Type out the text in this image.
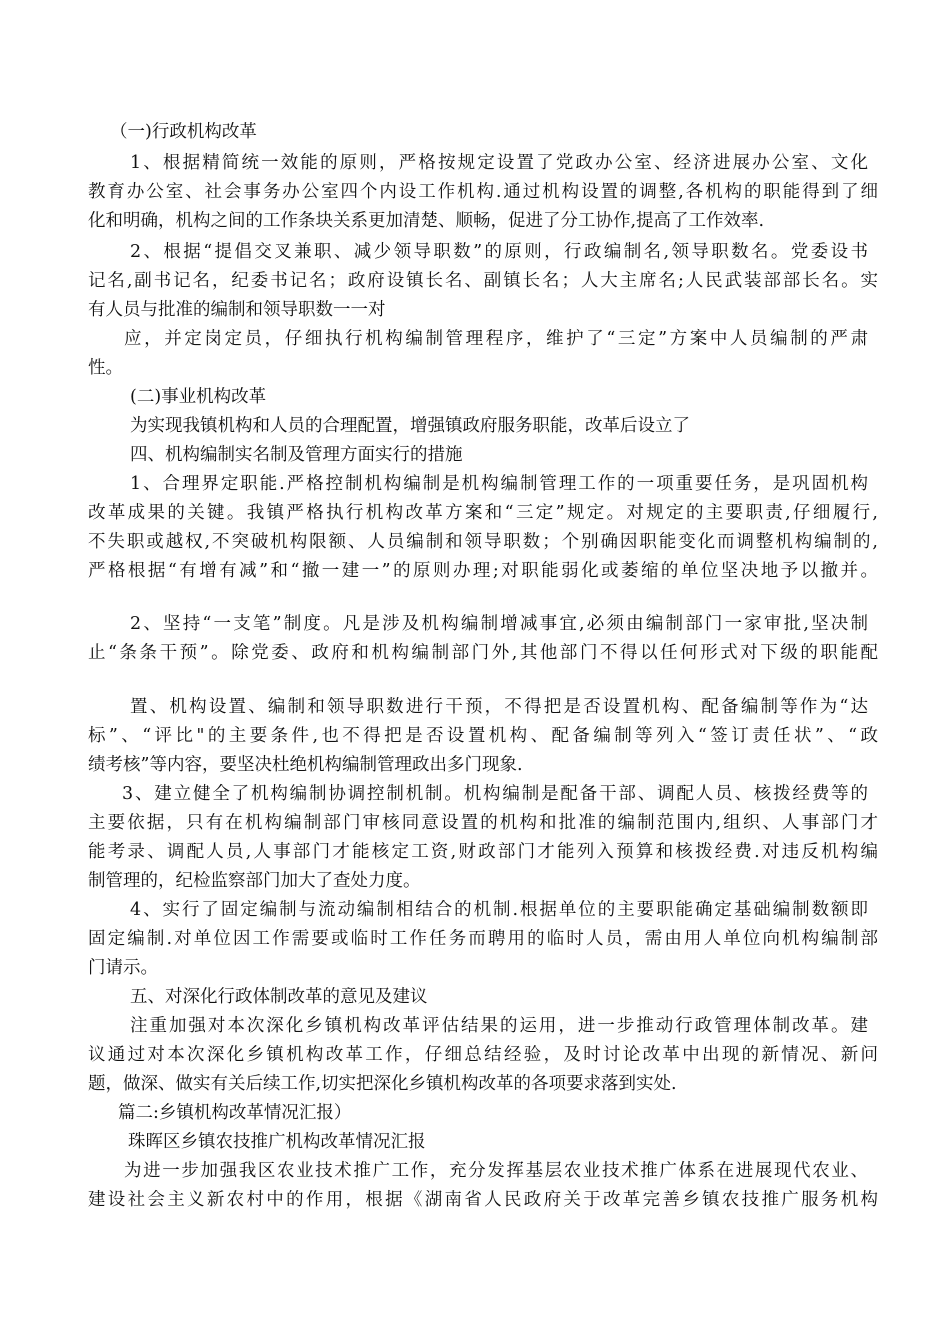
（一)行政机构改革
1、根据精简统一效能的原则，严格按规定设置了党政办公室、经济进展办公室、文化
教育办公室、社会事务办公室四个内设工作机构.通过机构设置的调整,各机构的职能得到了细
化和明确，机构之间的工作条块关系更加清楚、顺畅，促进了分工协作,提高了工作效率.
2、根据“提倡交叉兼职、减少领导职数”的原则，行政编制名,领导职数名。党委设书
记名,副书记名，纪委书记名；政府设镇长名、副镇长名；人大主席名;人民武装部部长名。实
有人员与批准的编制和领导职数一一对
应，并定岗定员，仔细执行机构编制管理程序，维护了“三定”方案中人员编制的严肃
性。
(二)事业机构改革
为实现我镇机构和人员的合理配置，增强镇政府服务职能，改革后设立了
四、机构编制实名制及管理方面实行的措施
1、合理界定职能.严格控制机构编制是机构编制管理工作的一项重要任务，是巩固机构
改革成果的关键。我镇严格执行机构改革方案和“三定”规定。对规定的主要职责,仔细履行,
不失职或越权,不突破机构限额、人员编制和领导职数；个别确因职能变化而调整机构编制的,
严格根据“有增有减”和“撤一建一”的原则办理;对职能弱化或萎缩的单位坚决地予以撤并。
2、坚持“一支笔”制度。凡是涉及机构编制增减事宜,必须由编制部门一家审批,坚决制
止“条条干预”。除党委、政府和机构编制部门外,其他部门不得以任何形式对下级的职能配
置、机构设置、编制和领导职数进行干预，不得把是否设置机构、配备编制等作为“达
标”、“评比"的主要条件,也不得把是否设置机构、配备编制等列入“签订责任状”、“政
绩考核”等内容，要坚决杜绝机构编制管理政出多门现象.
3、建立健全了机构编制协调控制机制。机构编制是配备干部、调配人员、核拨经费等的
主要依据，只有在机构编制部门审核同意设置的机构和批准的编制范围内,组织、人事部门才
能考录、调配人员,人事部门才能核定工资,财政部门才能列入预算和核拨经费.对违反机构编
制管理的，纪检监察部门加大了查处力度。
4、实行了固定编制与流动编制相结合的机制.根据单位的主要职能确定基础编制数额即
固定编制.对单位因工作需要或临时工作任务而聘用的临时人员，需由用人单位向机构编制部
门请示。
五、对深化行政体制改革的意见及建议
注重加强对本次深化乡镇机构改革评估结果的运用，进一步推动行政管理体制改革。建
议通过对本次深化乡镇机构改革工作，仔细总结经验，及时讨论改革中出现的新情况、新问
题，做深、做实有关后续工作,切实把深化乡镇机构改革的各项要求落到实处.
篇二:乡镇机构改革情况汇报）
珠晖区乡镇农技推广机构改革情况汇报
为进一步加强我区农业技术推广工作，充分发挥基层农业技术推广体系在进展现代农业、
建设社会主义新农村中的作用，根据《湖南省人民政府关于改革完善乡镇农技推广服务机构
